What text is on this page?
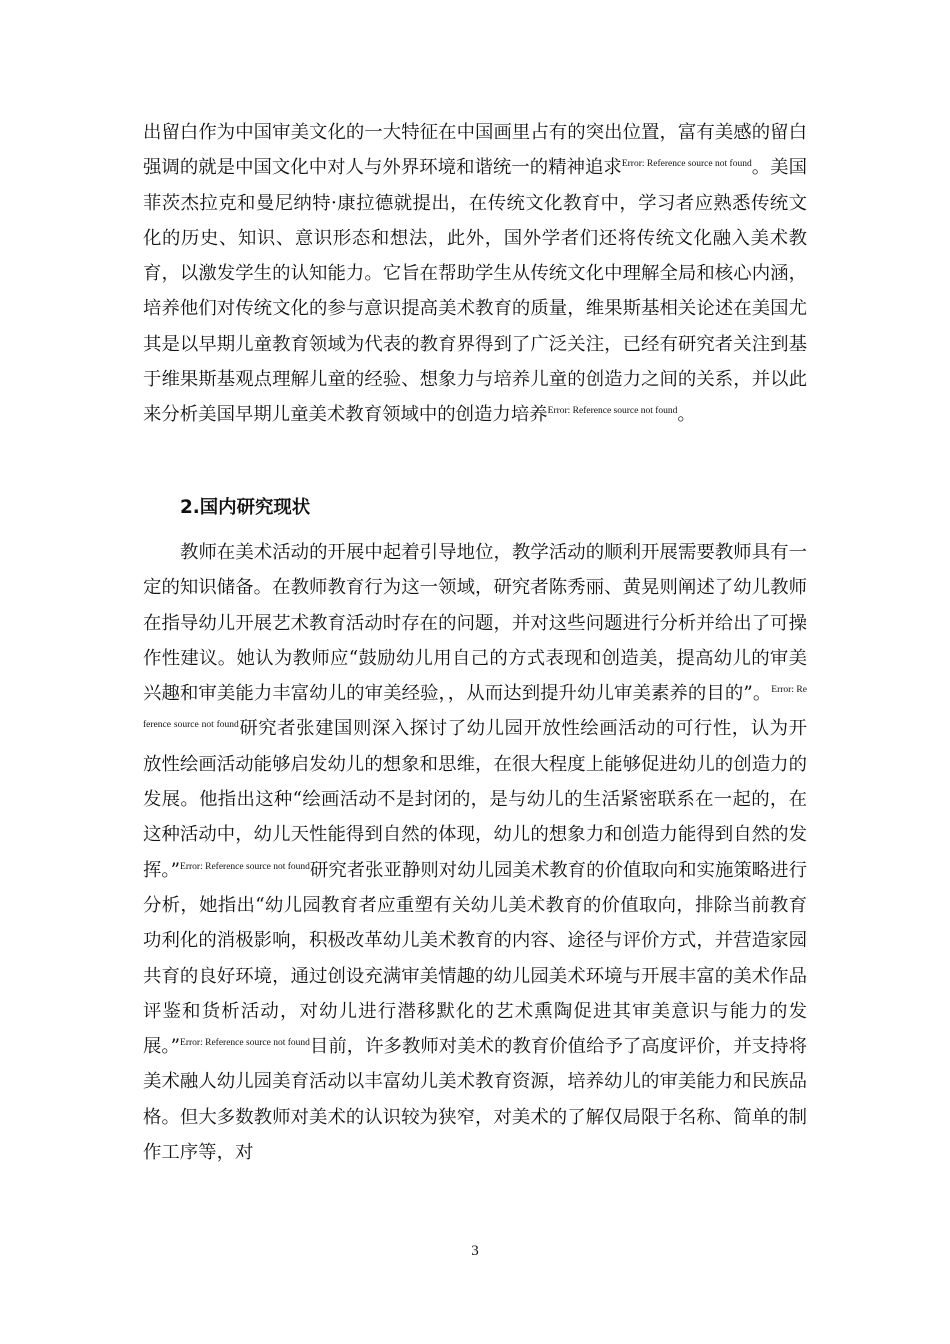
出留白作为中国审美文化的一大特征在中国画里占有的突出位置，富有美感的留白强调的就是中国文化中对人与外界环境和谐统一的精神追求$^{Error: Reference source not found}$。美国菲茨杰拉克和曼尼纳特·康拉德就提出，在传统文化教育中，学习者应熟悉传统文化的历史、知识、意识形态和想法，此外，国外学者们还将传统文化融入美术教育，以激发学生的认知能力。它旨在帮助学生从传统文化中理解全局和核心内涵，培养他们对传统文化的参与意识提高美术教育的质量，维果斯基相关论述在美国尤其是以早期儿童教育领域为代表的教育界得到了广泛关注，已经有研究者关注到基于维果斯基观点理解儿童的经验、想象力与培养儿童的创造力之间的关系，并以此来分析美国早期儿童美术教育领域中的创造力培养$^{Error: Reference source not found}$。

2.国内研究现状

教师在美术活动的开展中起着引导地位，教学活动的顺利开展需要教师具有一定的知识储备。在教师教育行为这一领域，研究者陈秀丽、黄晃则阐述了幼儿教师在指导幼儿开展艺术教育活动时存在的问题，并对这些问题进行分析并给出了可操作性建议。她认为教师应“鼓励幼儿用自己的方式表现和创造美，提高幼儿的审美兴趣和审美能力丰富幼儿的审美经验，，从而达到提升幼儿审美素养的目的”。$^{Error: Reference source not found}$研究者张建国则深入探讨了幼儿园开放性绘画活动的可行性，认为开放性绘画活动能够启发幼儿的想象和思维，在很大程度上能够促进幼儿的创造力的发展。他指出这种“绘画活动不是封闭的，是与幼儿的生活紧密联系在一起的，在这种活动中，幼儿天性能得到自然的体现，幼儿的想象力和创造力能得到自然的发挥。”$^{Error: Reference source not found}$研究者张亚静则对幼儿园美术教育的价值取向和实施策略进行分析，她指出“幼儿园教育者应重塑有关幼儿美术教育的价值取向，排除当前教育功利化的消极影响，积极改革幼儿美术教育的内容、途径与评价方式，并营造家园共育的良好环境，通过创设充满审美情趣的幼儿园美术环境与开展丰富的美术作品评鉴和货析活动，对幼儿进行潜移默化的艺术熏陶促进其审美意识与能力的发展。”$^{Error: Reference source not found}$目前，许多教师对美术的教育价值给予了高度评价，并支持将美术融人幼儿园美育活动以丰富幼儿美术教育资源，培养幼儿的审美能力和民族品格。但大多数教师对美术的认识较为狭窄，对美术的了解仅局限于名称、简单的制作工序等，对

3
